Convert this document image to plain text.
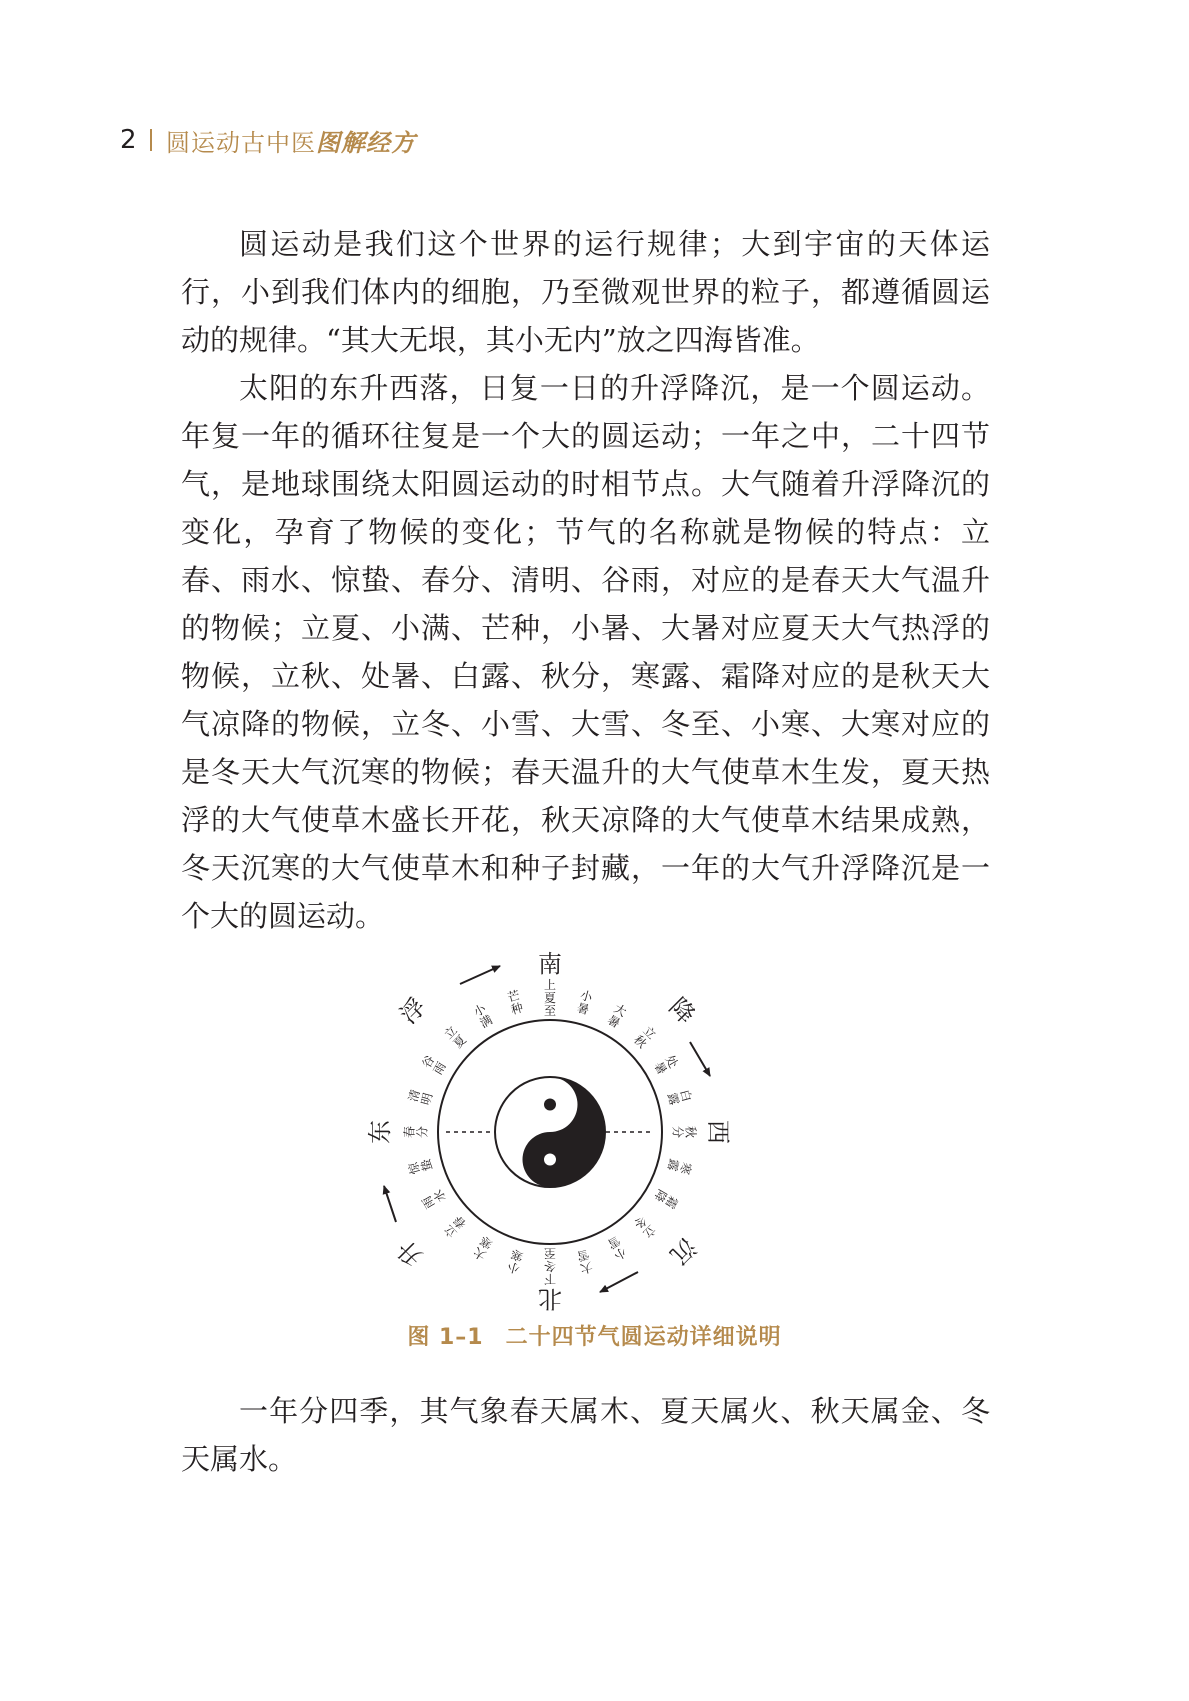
2	圆运动古中医图解经方

圆运动是我们这个世界的运行规律；大到宇宙的天体运行，小到我们体内的细胞，乃至微观世界的粒子，都遵循圆运动的规律。“其大无垠，其小无内”放之四海皆准。

太阳的东升西落，日复一日的升浮降沉，是一个圆运动。年复一年的循环往复是一个大的圆运动；一年之中，二十四节气，是地球围绕太阳圆运动的时相节点。大气随着升浮降沉的变化，孕育了物候的变化；节气的名称就是物候的特点：立春、雨水、惊蛰、春分、清明、谷雨，对应的是春天大气温升的物候；立夏、小满、芒种，小暑、大暑对应夏天大气热浮的物候，立秋、处暑、白露、秋分，寒露、霜降对应的是秋天大气凉降的物候，立冬、小雪、大雪、冬至、小寒、大寒对应的是冬天大气沉寒的物候；春天温升的大气使草木生发，夏天热浮的大气使草木盛长开花，秋天凉降的大气使草木结果成熟，冬天沉寒的大气使草木和种子封藏，一年的大气升浮降沉是一个大的圆运动。

上
夏
至
小
暑 大
暑
立
秋
处
暑
白
露
秋
分
寒
露
霜
降
立
冬
小
雪
大
雪
下
冬
至
小
寒
大
寒
立
春
雨
水
惊
蛰
春 分
清
明
谷
雨
立
夏
小
满
芒
种
南
北
东	西
浮	降
沉
升
图 1–1 二十四节气圆运动详细说明

一年分四季，其气象春天属木、夏天属火、秋天属金、冬天属水。
